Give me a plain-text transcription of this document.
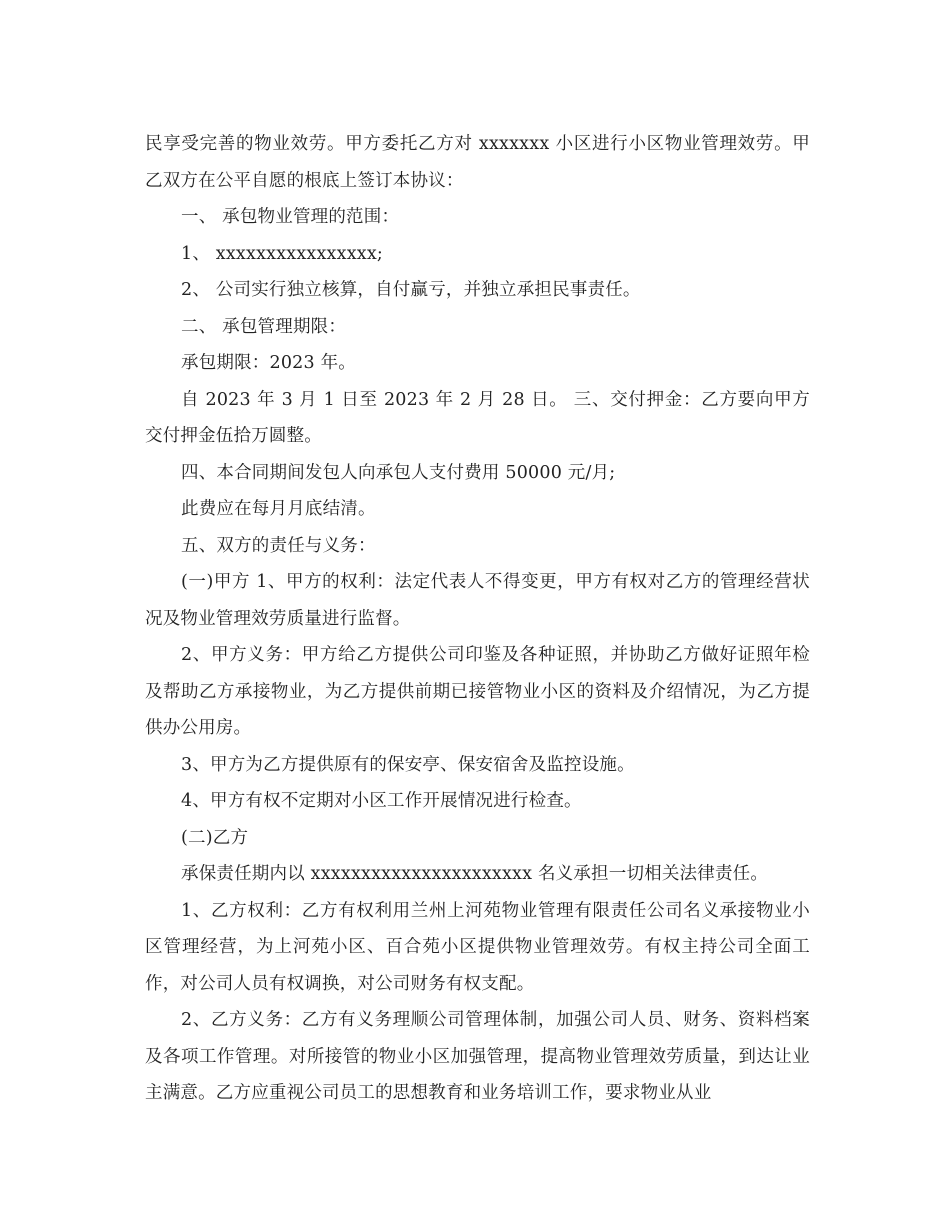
民享受完善的物业效劳。甲方委托乙方对 xxxxxxx 小区进行小区物业管理效劳。甲乙双方在公平自愿的根底上签订本协议：

一、 承包物业管理的范围：

1、 xxxxxxxxxxxxxxxx;

2、 公司实行独立核算，自付赢亏，并独立承担民事责任。

二、 承包管理期限：

承包期限：2023 年。

自 2023 年 3 月 1 日至 2023 年 2 月 28 日。 三、交付押金：乙方要向甲方交付押金伍拾万圆整。

四、本合同期间发包人向承包人支付费用 50000 元/月;

此费应在每月月底结清。

五、双方的责任与义务：

(一)甲方 1、甲方的权利：法定代表人不得变更，甲方有权对乙方的管理经营状况及物业管理效劳质量进行监督。

2、甲方义务：甲方给乙方提供公司印鉴及各种证照，并协助乙方做好证照年检及帮助乙方承接物业，为乙方提供前期已接管物业小区的资料及介绍情况，为乙方提供办公用房。

3、甲方为乙方提供原有的保安亭、保安宿舍及监控设施。

4、甲方有权不定期对小区工作开展情况进行检查。

(二)乙方

承保责任期内以 xxxxxxxxxxxxxxxxxxxxxx 名义承担一切相关法律责任。

1、乙方权利：乙方有权利用兰州上河苑物业管理有限责任公司名义承接物业小区管理经营，为上河苑小区、百合苑小区提供物业管理效劳。有权主持公司全面工作，对公司人员有权调换，对公司财务有权支配。

2、乙方义务：乙方有义务理顺公司管理体制，加强公司人员、财务、资料档案及各项工作管理。对所接管的物业小区加强管理，提高物业管理效劳质量，到达让业主满意。乙方应重视公司员工的思想教育和业务培训工作，要求物业从业
